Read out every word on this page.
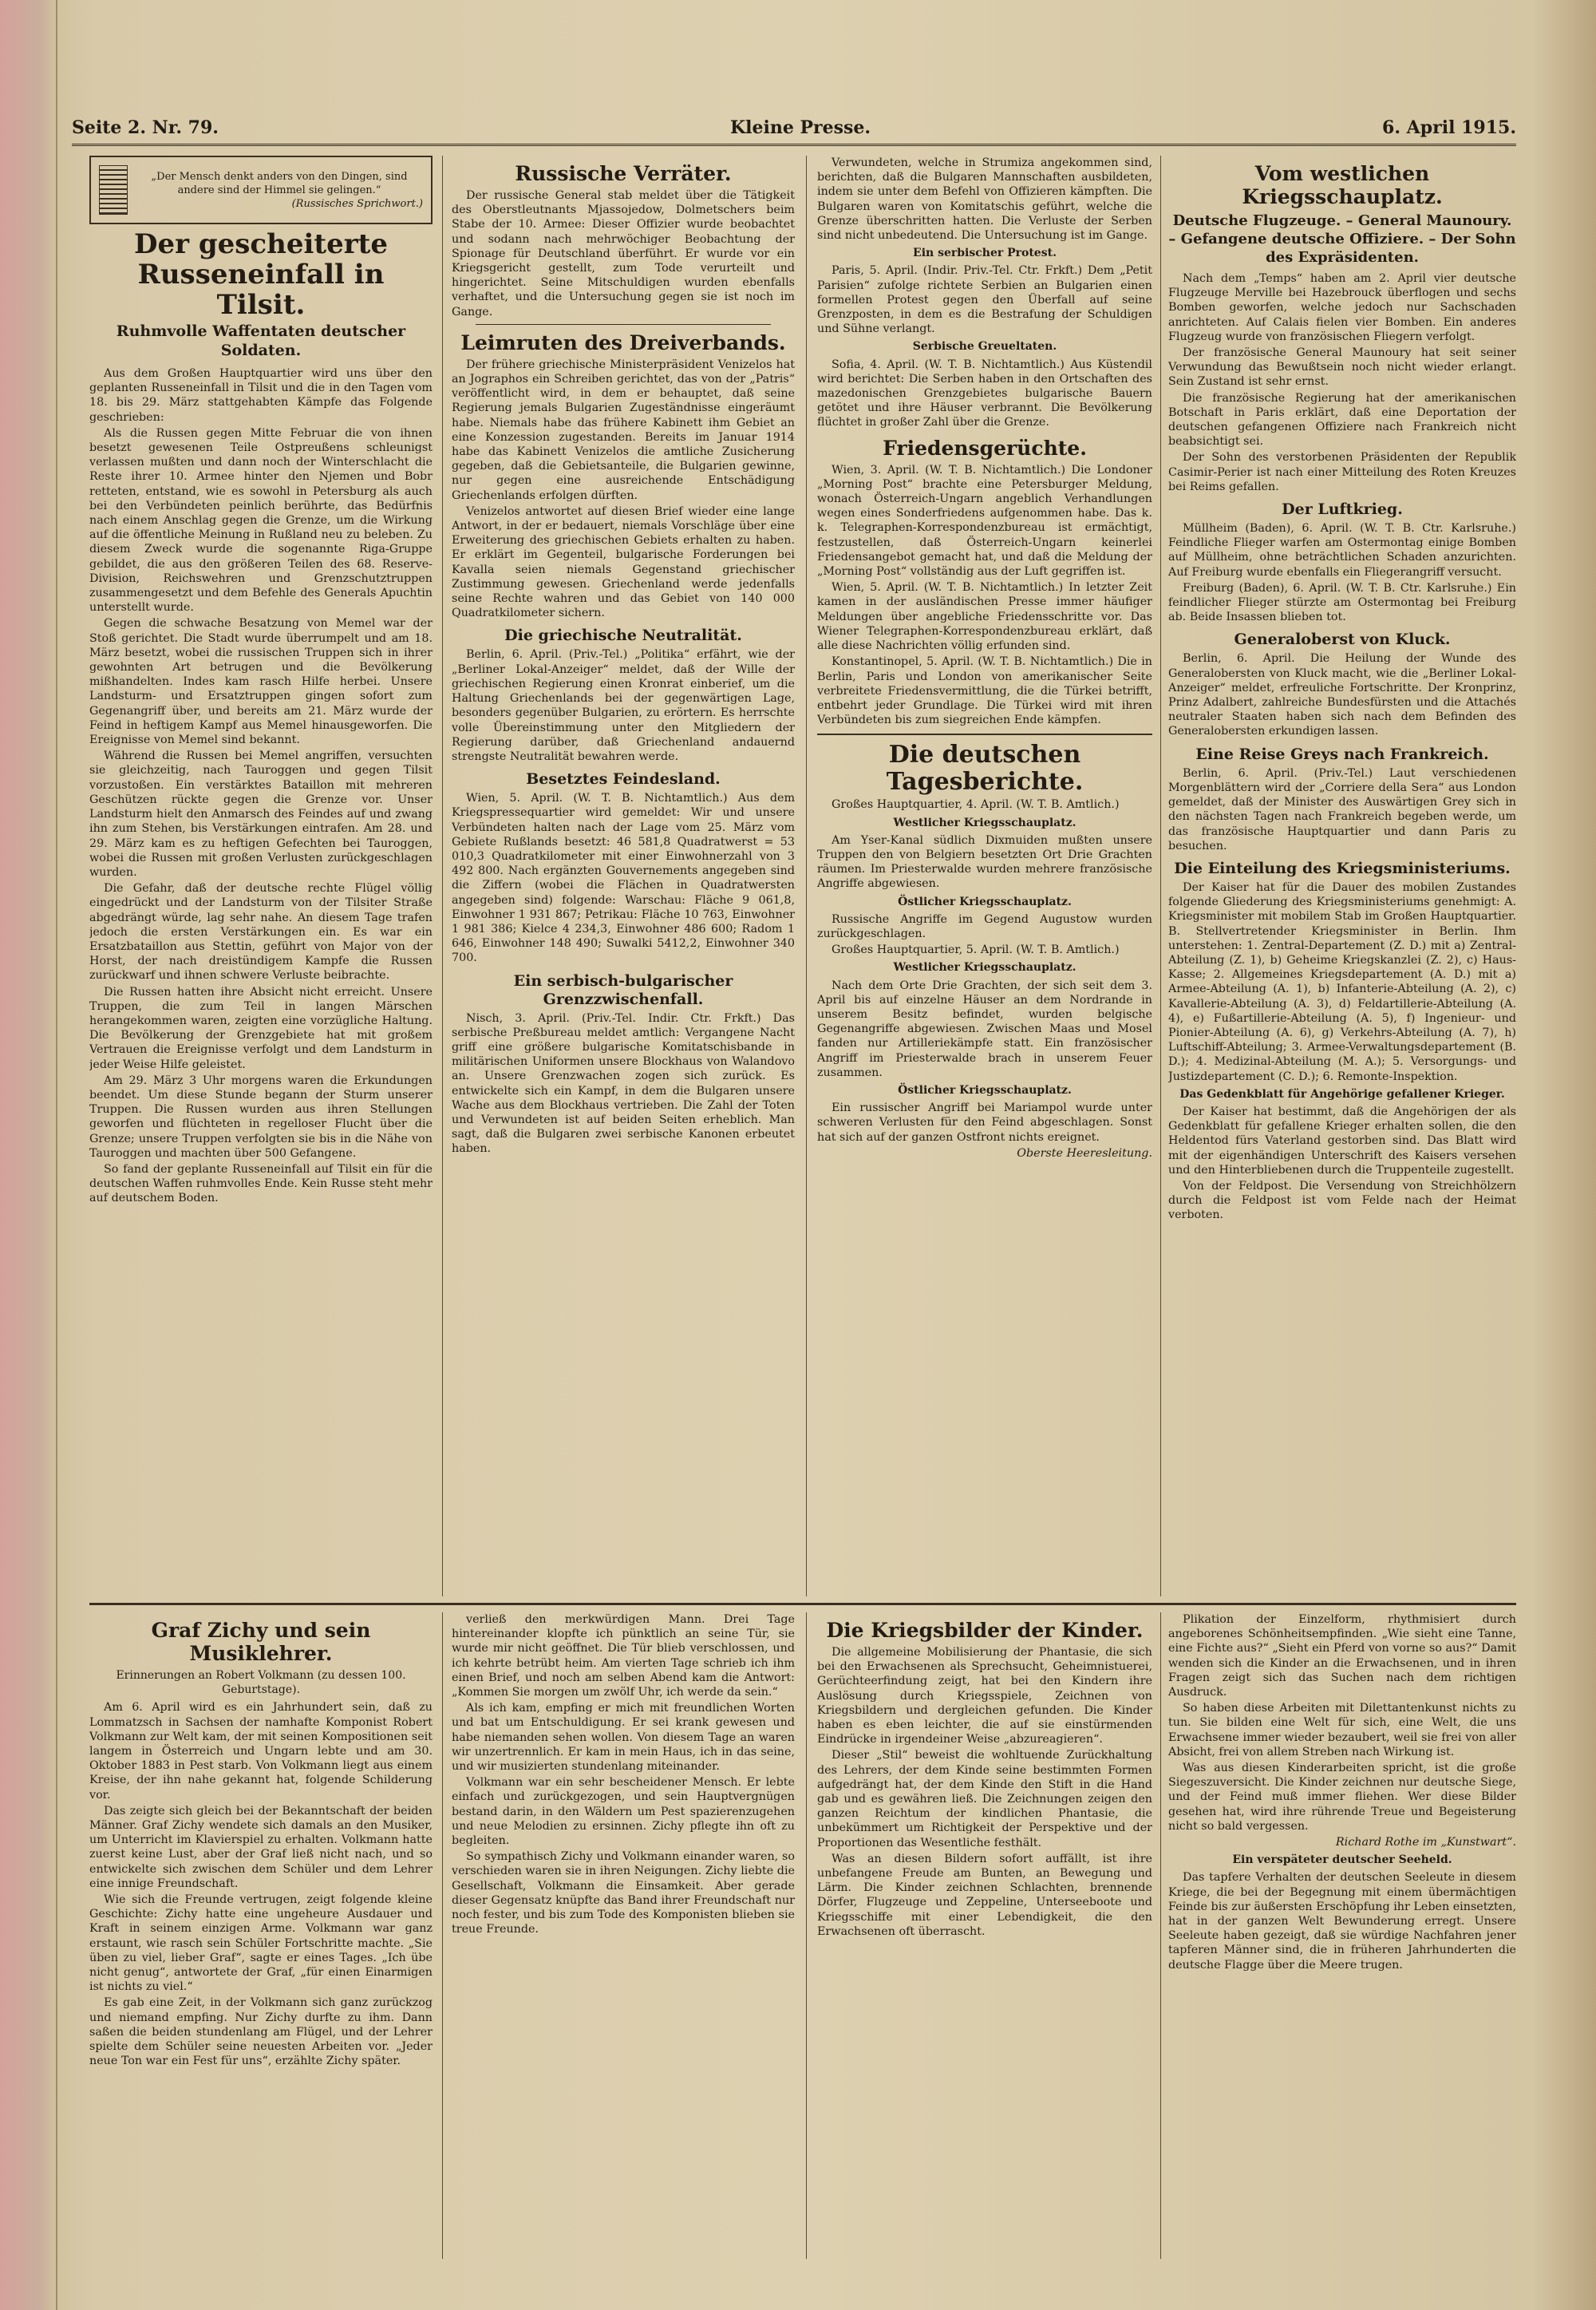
Seite 2. Nr. 79.	Kleine Presse.	6. April 1915.
„Der Mensch denkt anders von den Dingen, sind andere sind der Himmel sie gelingen.“
(Russisches Sprichwort.)
Der gescheiterte Russeneinfall in Tilsit.
Ruhmvolle Waffentaten deutscher Soldaten.

Aus dem Großen Hauptquartier wird uns über den geplanten Russeneinfall in Tilsit und die in den Tagen vom 18. bis 29. März stattgehabten Kämpfe das Folgende geschrieben:

Als die Russen gegen Mitte Februar die von ihnen besetzt gewesenen Teile Ostpreußens schleunigst verlassen mußten und dann noch der Winterschlacht die Reste ihrer 10. Armee hinter den Njemen und Bobr retteten, entstand, wie es sowohl in Petersburg als auch bei den Verbündeten peinlich berührte, das Bedürfnis nach einem Anschlag gegen die Grenze, um die Wirkung auf die öffentliche Meinung in Rußland neu zu beleben. Zu diesem Zweck wurde die sogenannte Riga-Gruppe gebildet, die aus den größeren Teilen des 68. Reserve-Division, Reichswehren und Grenzschutztruppen zusammengesetzt und dem Befehle des Generals Apuchtin unterstellt wurde.

Gegen die schwache Besatzung von Memel war der Stoß gerichtet. Die Stadt wurde überrumpelt und am 18. März besetzt, wobei die russischen Truppen sich in ihrer gewohnten Art betrugen und die Bevölkerung mißhandelten. Indes kam rasch Hilfe herbei. Unsere Landsturm- und Ersatztruppen gingen sofort zum Gegenangriff über, und bereits am 21. März wurde der Feind in heftigem Kampf aus Memel hinausgeworfen. Die Ereignisse von Memel sind bekannt.

Während die Russen bei Memel angriffen, versuchten sie gleichzeitig, nach Tauroggen und gegen Tilsit vorzustoßen. Ein verstärktes Bataillon mit mehreren Geschützen rückte gegen die Grenze vor. Unser Landsturm hielt den Anmarsch des Feindes auf und zwang ihn zum Stehen, bis Verstärkungen eintrafen. Am 28. und 29. März kam es zu heftigen Gefechten bei Tauroggen, wobei die Russen mit großen Verlusten zurückgeschlagen wurden.

Die Gefahr, daß der deutsche rechte Flügel völlig eingedrückt und der Landsturm von der Tilsiter Straße abgedrängt würde, lag sehr nahe. An diesem Tage trafen jedoch die ersten Verstärkungen ein. Es war ein Ersatzbataillon aus Stettin, geführt von Major von der Horst, der nach dreistündigem Kampfe die Russen zurückwarf und ihnen schwere Verluste beibrachte.

Die Russen hatten ihre Absicht nicht erreicht. Unsere Truppen, die zum Teil in langen Märschen herangekommen waren, zeigten eine vorzügliche Haltung. Die Bevölkerung der Grenzgebiete hat mit großem Vertrauen die Ereignisse verfolgt und dem Landsturm in jeder Weise Hilfe geleistet.

Am 29. März 3 Uhr morgens waren die Erkundungen beendet. Um diese Stunde begann der Sturm unserer Truppen. Die Russen wurden aus ihren Stellungen geworfen und flüchteten in regelloser Flucht über die Grenze; unsere Truppen verfolgten sie bis in die Nähe von Tauroggen und machten über 500 Gefangene.

So fand der geplante Russeneinfall auf Tilsit ein für die deutschen Waffen ruhmvolles Ende. Kein Russe steht mehr auf deutschem Boden.

Russische Verräter.

Der russische General stab meldet über die Tätigkeit des Oberstleutnants Mjassojedow, Dolmetschers beim Stabe der 10. Armee: Dieser Offizier wurde beobachtet und sodann nach mehrwöchiger Beobachtung der Spionage für Deutschland überführt. Er wurde vor ein Kriegsgericht gestellt, zum Tode verurteilt und hingerichtet. Seine Mitschuldigen wurden ebenfalls verhaftet, und die Untersuchung gegen sie ist noch im Gange.

Leimruten des Dreiverbands.

Der frühere griechische Ministerpräsident Venizelos hat an Jographos ein Schreiben gerichtet, das von der „Patris“ veröffentlicht wird, in dem er behauptet, daß seine Regierung jemals Bulgarien Zugeständnisse eingeräumt habe. Niemals habe das frühere Kabinett ihm Gebiet an eine Konzession zugestanden. Bereits im Januar 1914 habe das Kabinett Venizelos die amtliche Zusicherung gegeben, daß die Gebietsanteile, die Bulgarien gewinne, nur gegen eine ausreichende Entschädigung Griechenlands erfolgen dürften.

Venizelos antwortet auf diesen Brief wieder eine lange Antwort, in der er bedauert, niemals Vorschläge über eine Erweiterung des griechischen Gebiets erhalten zu haben. Er erklärt im Gegenteil, bulgarische Forderungen bei Kavalla seien niemals Gegenstand griechischer Zustimmung gewesen. Griechenland werde jedenfalls seine Rechte wahren und das Gebiet von 140 000 Quadratkilometer sichern.

Die griechische Neutralität.

Berlin, 6. April. (Priv.-Tel.) „Politika“ erfährt, wie der „Berliner Lokal-Anzeiger“ meldet, daß der Wille der griechischen Regierung einen Kronrat einberief, um die Haltung Griechenlands bei der gegenwärtigen Lage, besonders gegenüber Bulgarien, zu erörtern. Es herrschte volle Übereinstimmung unter den Mitgliedern der Regierung darüber, daß Griechenland andauernd strengste Neutralität bewahren werde.

Besetztes Feindesland.

Wien, 5. April. (W. T. B. Nichtamtlich.) Aus dem Kriegspressequartier wird gemeldet: Wir und unsere Verbündeten halten nach der Lage vom 25. März vom Gebiete Rußlands besetzt: 46 581,8 Quadratwerst = 53 010,3 Quadratkilometer mit einer Einwohnerzahl von 3 492 800. Nach ergänzten Gouvernements angegeben sind die Ziffern (wobei die Flächen in Quadratwersten angegeben sind) folgende: Warschau: Fläche 9 061,8, Einwohner 1 931 867; Petrikau: Fläche 10 763, Einwohner 1 981 386; Kielce 4 234,3, Einwohner 486 600; Radom 1 646, Einwohner 148 490; Suwalki 5412,2, Einwohner 340 700.

Ein serbisch-bulgarischer Grenzzwischenfall.

Nisch, 3. April. (Priv.-Tel. Indir. Ctr. Frkft.) Das serbische Preßbureau meldet amtlich: Vergangene Nacht griff eine größere bulgarische Komitatschisbande in militärischen Uniformen unsere Blockhaus von Walandovo an. Unsere Grenzwachen zogen sich zurück. Es entwickelte sich ein Kampf, in dem die Bulgaren unsere Wache aus dem Blockhaus vertrieben. Die Zahl der Toten und Verwundeten ist auf beiden Seiten erheblich. Man sagt, daß die Bulgaren zwei serbische Kanonen erbeutet haben.

Verwundeten, welche in Strumiza angekommen sind, berichten, daß die Bulgaren Mannschaften ausbildeten, indem sie unter dem Befehl von Offizieren kämpften. Die Bulgaren waren von Komitatschis geführt, welche die Grenze überschritten hatten. Die Verluste der Serben sind nicht unbedeutend. Die Untersuchung ist im Gange.

Ein serbischer Protest.

Paris, 5. April. (Indir. Priv.-Tel. Ctr. Frkft.) Dem „Petit Parisien“ zufolge richtete Serbien an Bulgarien einen formellen Protest gegen den Überfall auf seine Grenzposten, in dem es die Bestrafung der Schuldigen und Sühne verlangt.

Serbische Greueltaten.

Sofia, 4. April. (W. T. B. Nichtamtlich.) Aus Küstendil wird berichtet: Die Serben haben in den Ortschaften des mazedonischen Grenzgebietes bulgarische Bauern getötet und ihre Häuser verbrannt. Die Bevölkerung flüchtet in großer Zahl über die Grenze.

Friedensgerüchte.

Wien, 3. April. (W. T. B. Nichtamtlich.) Die Londoner „Morning Post“ brachte eine Petersburger Meldung, wonach Österreich-Ungarn angeblich Verhandlungen wegen eines Sonderfriedens aufgenommen habe. Das k. k. Telegraphen-Korrespondenzbureau ist ermächtigt, festzustellen, daß Österreich-Ungarn keinerlei Friedensangebot gemacht hat, und daß die Meldung der „Morning Post“ vollständig aus der Luft gegriffen ist.

Wien, 5. April. (W. T. B. Nichtamtlich.) In letzter Zeit kamen in der ausländischen Presse immer häufiger Meldungen über angebliche Friedensschritte vor. Das Wiener Telegraphen-Korrespondenzbureau erklärt, daß alle diese Nachrichten völlig erfunden sind.

Konstantinopel, 5. April. (W. T. B. Nichtamtlich.) Die in Berlin, Paris und London von amerikanischer Seite verbreitete Friedensvermittlung, die die Türkei betrifft, entbehrt jeder Grundlage. Die Türkei wird mit ihren Verbündeten bis zum siegreichen Ende kämpfen.

Die deutschen Tagesberichte.

Großes Hauptquartier, 4. April. (W. T. B. Amtlich.)

Westlicher Kriegsschauplatz.

Am Yser-Kanal südlich Dixmuiden mußten unsere Truppen den von Belgiern besetzten Ort Drie Grachten räumen. Im Priesterwalde wurden mehrere französische Angriffe abgewiesen.

Östlicher Kriegsschauplatz.

Russische Angriffe im Gegend Augustow wurden zurückgeschlagen.

Großes Hauptquartier, 5. April. (W. T. B. Amtlich.)

Westlicher Kriegsschauplatz.

Nach dem Orte Drie Grachten, der sich seit dem 3. April bis auf einzelne Häuser an dem Nordrande in unserem Besitz befindet, wurden belgische Gegenangriffe abgewiesen. Zwischen Maas und Mosel fanden nur Artilleriekämpfe statt. Ein französischer Angriff im Priesterwalde brach in unserem Feuer zusammen.

Östlicher Kriegsschauplatz.

Ein russischer Angriff bei Mariampol wurde unter schweren Verlusten für den Feind abgeschlagen. Sonst hat sich auf der ganzen Ostfront nichts ereignet.

Oberste Heeresleitung.

Vom westlichen Kriegsschauplatz.
Deutsche Flugzeuge. – General Maunoury. – Gefangene deutsche Offiziere. – Der Sohn des Expräsidenten.

Nach dem „Temps“ haben am 2. April vier deutsche Flugzeuge Merville bei Hazebrouck überflogen und sechs Bomben geworfen, welche jedoch nur Sachschaden anrichteten. Auf Calais fielen vier Bomben. Ein anderes Flugzeug wurde von französischen Fliegern verfolgt.

Der französische General Maunoury hat seit seiner Verwundung das Bewußtsein noch nicht wieder erlangt. Sein Zustand ist sehr ernst.

Die französische Regierung hat der amerikanischen Botschaft in Paris erklärt, daß eine Deportation der deutschen gefangenen Offiziere nach Frankreich nicht beabsichtigt sei.

Der Sohn des verstorbenen Präsidenten der Republik Casimir-Perier ist nach einer Mitteilung des Roten Kreuzes bei Reims gefallen.

Der Luftkrieg.

Müllheim (Baden), 6. April. (W. T. B. Ctr. Karlsruhe.) Feindliche Flieger warfen am Ostermontag einige Bomben auf Müllheim, ohne beträchtlichen Schaden anzurichten. Auf Freiburg wurde ebenfalls ein Fliegerangriff versucht.

Freiburg (Baden), 6. April. (W. T. B. Ctr. Karlsruhe.) Ein feindlicher Flieger stürzte am Ostermontag bei Freiburg ab. Beide Insassen blieben tot.

Generaloberst von Kluck.

Berlin, 6. April. Die Heilung der Wunde des Generalobersten von Kluck macht, wie die „Berliner Lokal-Anzeiger“ meldet, erfreuliche Fortschritte. Der Kronprinz, Prinz Adalbert, zahlreiche Bundesfürsten und die Attachés neutraler Staaten haben sich nach dem Befinden des Generalobersten erkundigen lassen.

Eine Reise Greys nach Frankreich.

Berlin, 6. April. (Priv.-Tel.) Laut verschiedenen Morgenblättern wird der „Corriere della Sera“ aus London gemeldet, daß der Minister des Auswärtigen Grey sich in den nächsten Tagen nach Frankreich begeben werde, um das französische Hauptquartier und dann Paris zu besuchen.

Die Einteilung des Kriegsministeriums.

Der Kaiser hat für die Dauer des mobilen Zustandes folgende Gliederung des Kriegsministeriums genehmigt: A. Kriegsminister mit mobilem Stab im Großen Hauptquartier. B. Stellvertretender Kriegsminister in Berlin. Ihm unterstehen: 1. Zentral-Departement (Z. D.) mit a) Zentral-Abteilung (Z. 1), b) Geheime Kriegskanzlei (Z. 2), c) Haus-Kasse; 2. Allgemeines Kriegsdepartement (A. D.) mit a) Armee-Abteilung (A. 1), b) Infanterie-Abteilung (A. 2), c) Kavallerie-Abteilung (A. 3), d) Feldartillerie-Abteilung (A. 4), e) Fußartillerie-Abteilung (A. 5), f) Ingenieur- und Pionier-Abteilung (A. 6), g) Verkehrs-Abteilung (A. 7), h) Luftschiff-Abteilung; 3. Armee-Verwaltungsdepartement (B. D.); 4. Medizinal-Abteilung (M. A.); 5. Versorgungs- und Justizdepartement (C. D.); 6. Remonte-Inspektion.

Das Gedenkblatt für Angehörige gefallener Krieger.

Der Kaiser hat bestimmt, daß die Angehörigen der als Gedenkblatt für gefallene Krieger erhalten sollen, die den Heldentod fürs Vaterland gestorben sind. Das Blatt wird mit der eigenhändigen Unterschrift des Kaisers versehen und den Hinterbliebenen durch die Truppenteile zugestellt.

Von der Feldpost. Die Versendung von Streichhölzern durch die Feldpost ist vom Felde nach der Heimat verboten.

Graf Zichy und sein Musiklehrer.
Erinnerungen an Robert Volkmann (zu dessen 100. Geburtstage).

Am 6. April wird es ein Jahrhundert sein, daß zu Lommatzsch in Sachsen der namhafte Komponist Robert Volkmann zur Welt kam, der mit seinen Kompositionen seit langem in Österreich und Ungarn lebte und am 30. Oktober 1883 in Pest starb. Von Volkmann liegt aus einem Kreise, der ihn nahe gekannt hat, folgende Schilderung vor.

Das zeigte sich gleich bei der Bekanntschaft der beiden Männer. Graf Zichy wendete sich damals an den Musiker, um Unterricht im Klavierspiel zu erhalten. Volkmann hatte zuerst keine Lust, aber der Graf ließ nicht nach, und so entwickelte sich zwischen dem Schüler und dem Lehrer eine innige Freundschaft.

Wie sich die Freunde vertrugen, zeigt folgende kleine Geschichte: Zichy hatte eine ungeheure Ausdauer und Kraft in seinem einzigen Arme. Volkmann war ganz erstaunt, wie rasch sein Schüler Fortschritte machte. „Sie üben zu viel, lieber Graf“, sagte er eines Tages. „Ich übe nicht genug“, antwortete der Graf, „für einen Einarmigen ist nichts zu viel.“

Es gab eine Zeit, in der Volkmann sich ganz zurückzog und niemand empfing. Nur Zichy durfte zu ihm. Dann saßen die beiden stundenlang am Flügel, und der Lehrer spielte dem Schüler seine neuesten Arbeiten vor. „Jeder neue Ton war ein Fest für uns“, erzählte Zichy später.

verließ den merkwürdigen Mann. Drei Tage hintereinander klopfte ich pünktlich an seine Tür, sie wurde mir nicht geöffnet. Die Tür blieb verschlossen, und ich kehrte betrübt heim. Am vierten Tage schrieb ich ihm einen Brief, und noch am selben Abend kam die Antwort: „Kommen Sie morgen um zwölf Uhr, ich werde da sein.“

Als ich kam, empfing er mich mit freundlichen Worten und bat um Entschuldigung. Er sei krank gewesen und habe niemanden sehen wollen. Von diesem Tage an waren wir unzertrennlich. Er kam in mein Haus, ich in das seine, und wir musizierten stundenlang miteinander.

Volkmann war ein sehr bescheidener Mensch. Er lebte einfach und zurückgezogen, und sein Hauptvergnügen bestand darin, in den Wäldern um Pest spazierenzugehen und neue Melodien zu ersinnen. Zichy pflegte ihn oft zu begleiten.

So sympathisch Zichy und Volkmann einander waren, so verschieden waren sie in ihren Neigungen. Zichy liebte die Gesellschaft, Volkmann die Einsamkeit. Aber gerade dieser Gegensatz knüpfte das Band ihrer Freundschaft nur noch fester, und bis zum Tode des Komponisten blieben sie treue Freunde.

Die Kriegsbilder der Kinder.

Die allgemeine Mobilisierung der Phantasie, die sich bei den Erwachsenen als Sprechsucht, Geheimnistuerei, Gerüchteerfindung zeigt, hat bei den Kindern ihre Auslösung durch Kriegsspiele, Zeichnen von Kriegsbildern und dergleichen gefunden. Die Kinder haben es eben leichter, die auf sie einstürmenden Eindrücke in irgendeiner Weise „abzureagieren“.

Dieser „Stil“ beweist die wohltuende Zurückhaltung des Lehrers, der dem Kinde seine bestimmten Formen aufgedrängt hat, der dem Kinde den Stift in die Hand gab und es gewähren ließ. Die Zeichnungen zeigen den ganzen Reichtum der kindlichen Phantasie, die unbekümmert um Richtigkeit der Perspektive und der Proportionen das Wesentliche festhält.

Was an diesen Bildern sofort auffällt, ist ihre unbefangene Freude am Bunten, an Bewegung und Lärm. Die Kinder zeichnen Schlachten, brennende Dörfer, Flugzeuge und Zeppeline, Unterseeboote und Kriegsschiffe mit einer Lebendigkeit, die den Erwachsenen oft überrascht.

Plikation der Einzelform, rhythmisiert durch angeborenes Schönheitsempfinden. „Wie sieht eine Tanne, eine Fichte aus?“ „Sieht ein Pferd von vorne so aus?“ Damit wenden sich die Kinder an die Erwachsenen, und in ihren Fragen zeigt sich das Suchen nach dem richtigen Ausdruck.

So haben diese Arbeiten mit Dilettantenkunst nichts zu tun. Sie bilden eine Welt für sich, eine Welt, die uns Erwachsene immer wieder bezaubert, weil sie frei von aller Absicht, frei von allem Streben nach Wirkung ist.

Was aus diesen Kinderarbeiten spricht, ist die große Siegeszuversicht. Die Kinder zeichnen nur deutsche Siege, und der Feind muß immer fliehen. Wer diese Bilder gesehen hat, wird ihre rührende Treue und Begeisterung nicht so bald vergessen.

Richard Rothe im „Kunstwart“.

Ein verspäteter deutscher Seeheld.

Das tapfere Verhalten der deutschen Seeleute in diesem Kriege, die bei der Begegnung mit einem übermächtigen Feinde bis zur äußersten Erschöpfung ihr Leben einsetzten, hat in der ganzen Welt Bewunderung erregt. Unsere Seeleute haben gezeigt, daß sie würdige Nachfahren jener tapferen Männer sind, die in früheren Jahrhunderten die deutsche Flagge über die Meere trugen.
